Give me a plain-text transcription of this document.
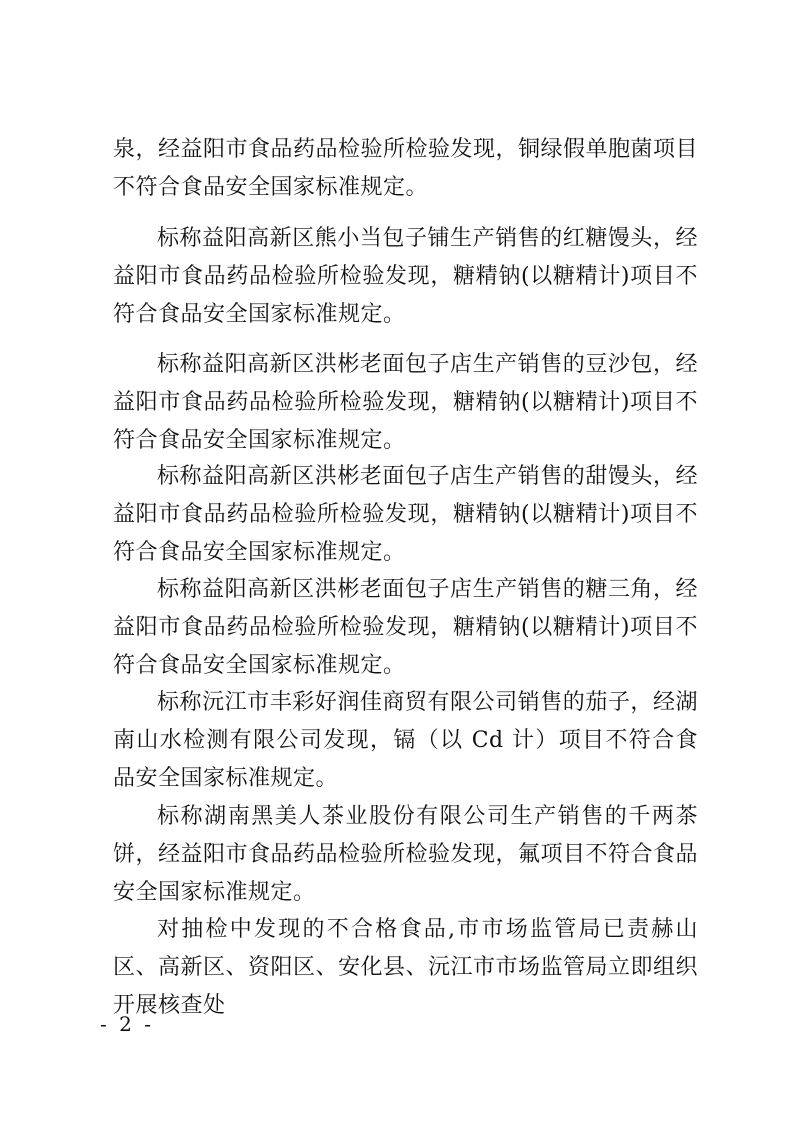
泉，经益阳市食品药品检验所检验发现，铜绿假单胞菌项目不符合食品安全国家标准规定。

标称益阳高新区熊小当包子铺生产销售的红糖馒头，经益阳市食品药品检验所检验发现，糖精钠(以糖精计)项目不符合食品安全国家标准规定。

标称益阳高新区洪彬老面包子店生产销售的豆沙包，经益阳市食品药品检验所检验发现，糖精钠(以糖精计)项目不符合食品安全国家标准规定。

标称益阳高新区洪彬老面包子店生产销售的甜馒头，经益阳市食品药品检验所检验发现，糖精钠(以糖精计)项目不符合食品安全国家标准规定。

标称益阳高新区洪彬老面包子店生产销售的糖三角，经益阳市食品药品检验所检验发现，糖精钠(以糖精计)项目不符合食品安全国家标准规定。

标称沅江市丰彩好润佳商贸有限公司销售的茄子，经湖南山水检测有限公司发现，镉（以 Cd 计）项目不符合食品安全国家标准规定。

标称湖南黑美人茶业股份有限公司生产销售的千两茶饼，经益阳市食品药品检验所检验发现，氟项目不符合食品安全国家标准规定。

对抽检中发现的不合格食品,市市场监管局已责赫山区、高新区、资阳区、安化县、沅江市市场监管局立即组织开展核查处

- 2 -
